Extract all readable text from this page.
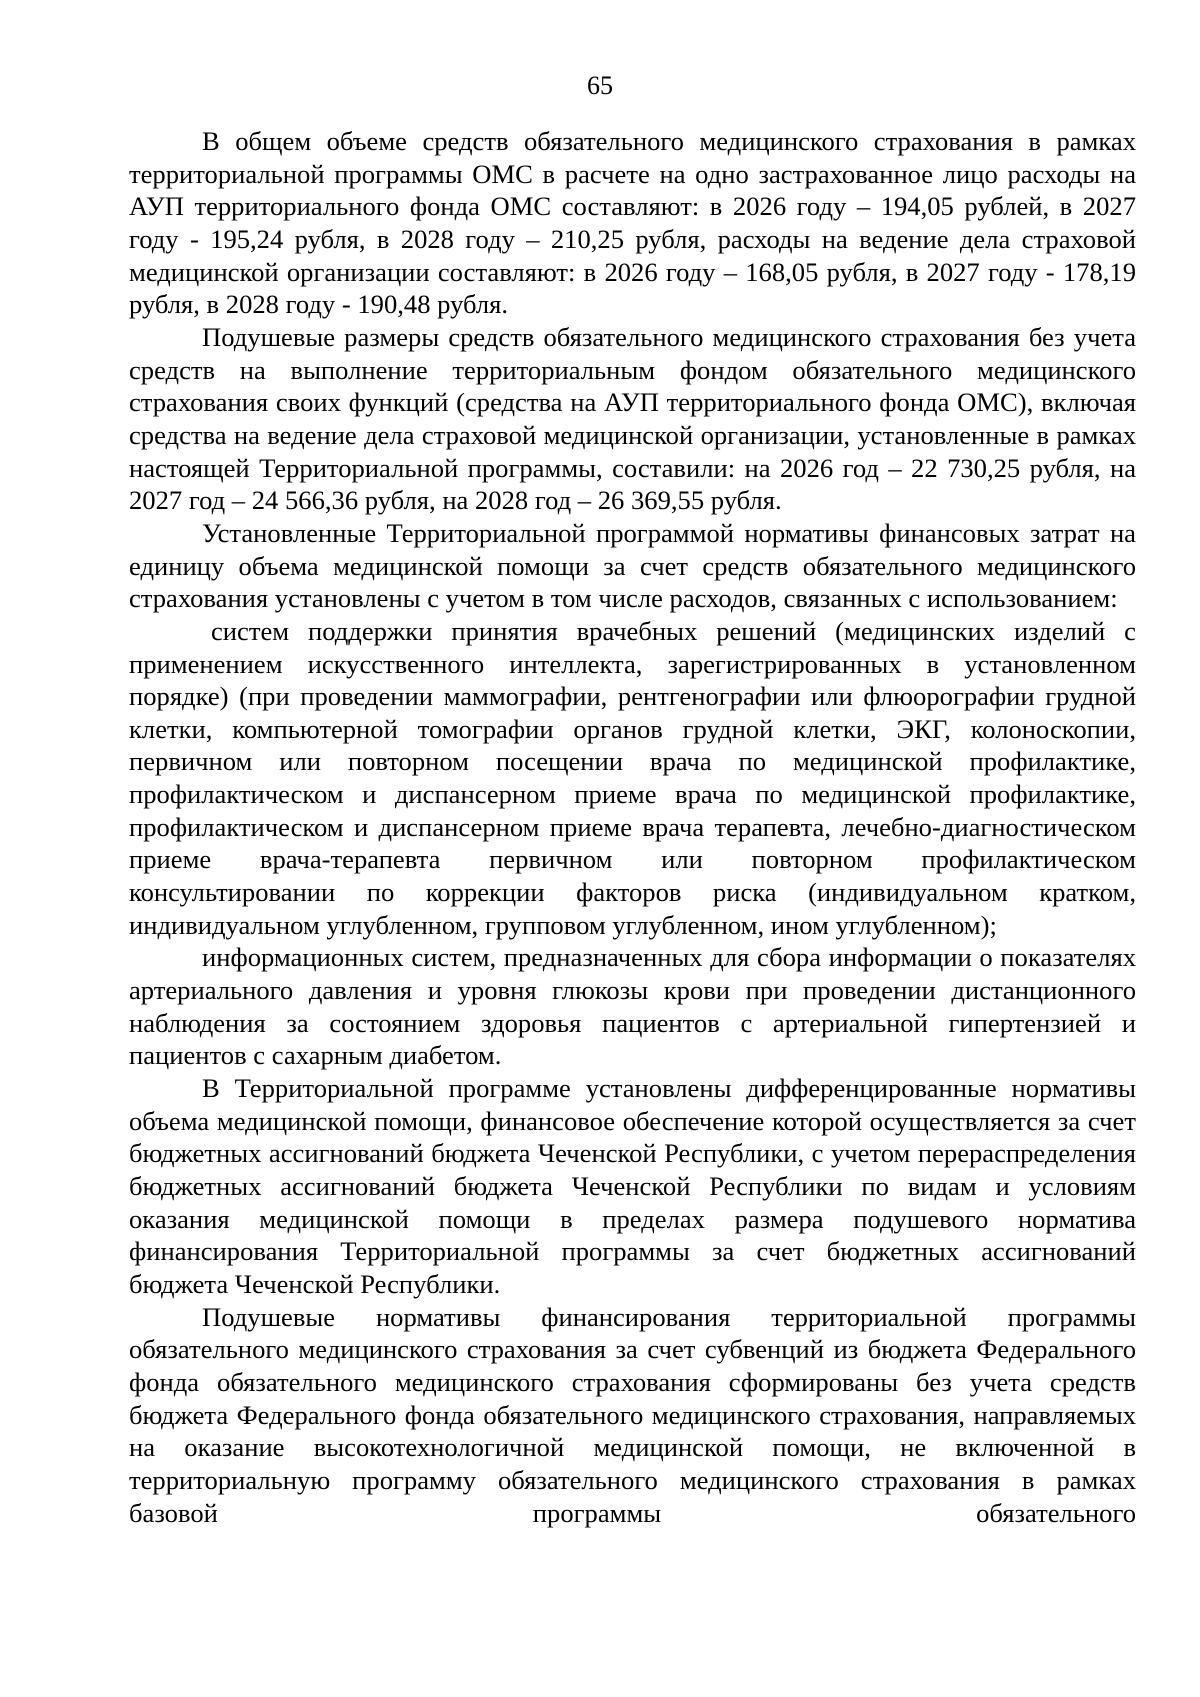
65

В общем объеме средств обязательного медицинского страхования в рамках территориальной программы ОМС в расчете на одно застрахованное лицо расходы на АУП территориального фонда ОМС составляют: в 2026 году – 194,05 рублей, в 2027 году - 195,24 рубля, в 2028 году – 210,25 рубля, расходы на ведение дела страховой медицинской организации составляют: в 2026 году – 168,05 рубля, в 2027 году - 178,19 рубля, в 2028 году - 190,48 рубля.

Подушевые размеры средств обязательного медицинского страхования без учета средств на выполнение территориальным фондом обязательного медицинского страхования своих функций (средства на АУП территориального фонда ОМС), включая средства на ведение дела страховой медицинской организации, установленные в рамках настоящей Территориальной программы, составили: на 2026 год – 22 730,25 рубля, на 2027 год – 24 566,36 рубля, на 2028 год – 26 369,55 рубля.

Установленные Территориальной программой нормативы финансовых затрат на единицу объема медицинской помощи за счет средств обязательного медицинского страхования установлены с учетом в том числе расходов, связанных с использованием:

систем поддержки принятия врачебных решений (медицинских изделий с применением искусственного интеллекта, зарегистрированных в установленном порядке) (при проведении маммографии, рентгенографии или флюорографии грудной клетки, компьютерной томографии органов грудной клетки, ЭКГ, колоноскопии, первичном или повторном посещении врача по медицинской профилактике, профилактическом и диспансерном приеме врача по медицинской профилактике, профилактическом и диспансерном приеме врача терапевта, лечебно-диагностическом приеме врача-терапевта первичном или повторном профилактическом консультировании по коррекции факторов риска (индивидуальном кратком, индивидуальном углубленном, групповом углубленном, ином углубленном);

информационных систем, предназначенных для сбора информации о показателях артериального давления и уровня глюкозы крови при проведении дистанционного наблюдения за состоянием здоровья пациентов с артериальной гипертензией и пациентов с сахарным диабетом.

В Территориальной программе установлены дифференцированные нормативы объема медицинской помощи, финансовое обеспечение которой осуществляется за счет бюджетных ассигнований бюджета Чеченской Республики, с учетом перераспределения бюджетных ассигнований бюджета Чеченской Республики по видам и условиям оказания медицинской помощи в пределах размера подушевого норматива финансирования Территориальной программы за счет бюджетных ассигнований бюджета Чеченской Республики.

Подушевые нормативы финансирования территориальной программы обязательного медицинского страхования за счет субвенций из бюджета Федерального фонда обязательного медицинского страхования сформированы без учета средств бюджета Федерального фонда обязательного медицинского страхования, направляемых на оказание высокотехнологичной медицинской помощи, не включенной в территориальную программу обязательного медицинского страхования в рамках базовой программы обязательного
